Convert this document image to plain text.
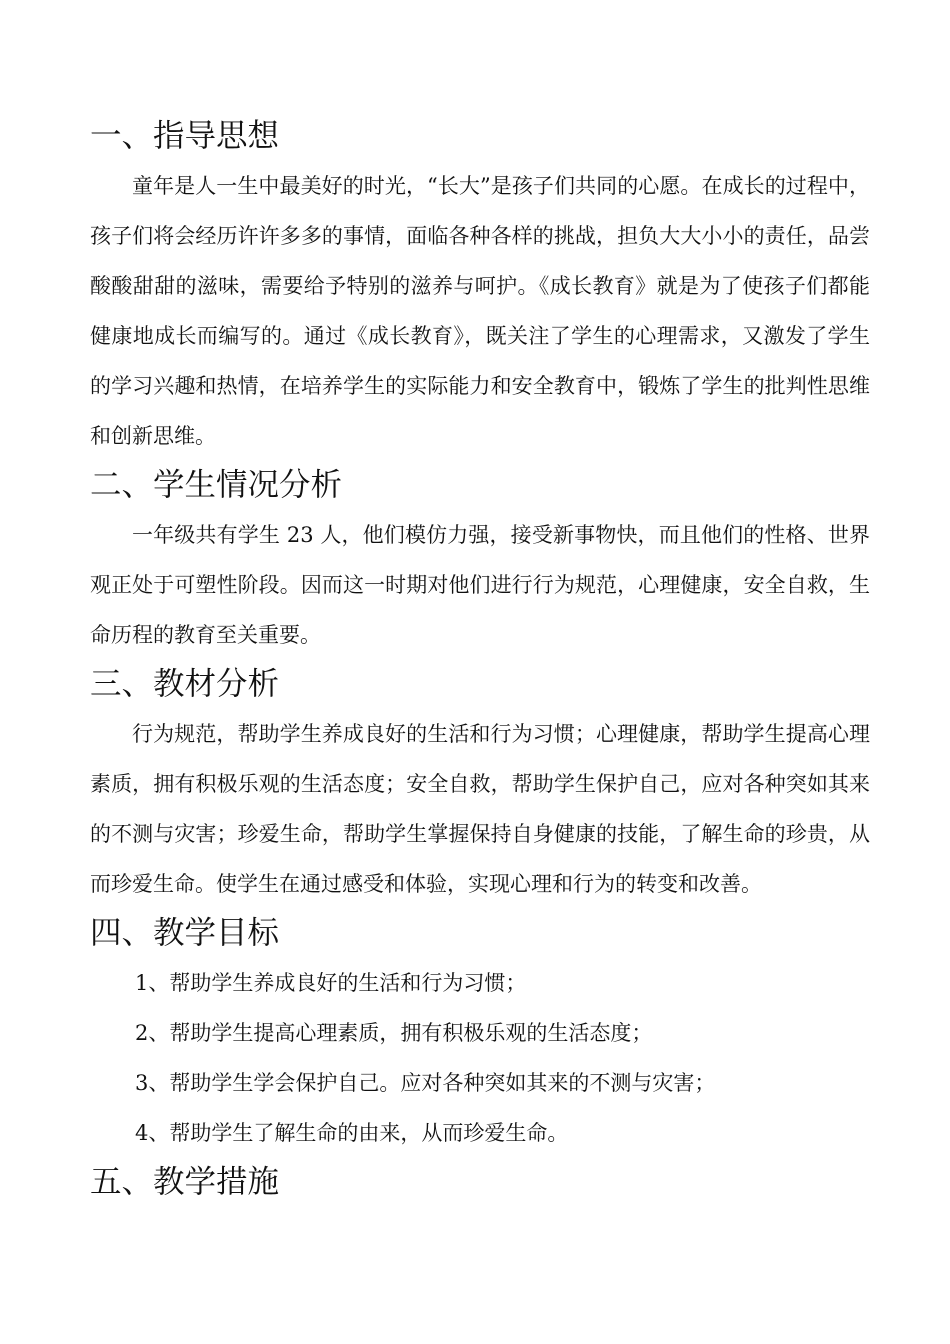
一、指导思想

童年是人一生中最美好的时光，“长大”是孩子们共同的心愿。在成长的过程中，孩子们将会经历许许多多的事情，面临各种各样的挑战，担负大大小小的责任，品尝酸酸甜甜的滋味，需要给予特别的滋养与呵护。《成长教育》就是为了使孩子们都能健康地成长而编写的。通过《成长教育》，既关注了学生的心理需求，又激发了学生的学习兴趣和热情，在培养学生的实际能力和安全教育中，锻炼了学生的批判性思维和创新思维。

二、学生情况分析

一年级共有学生 23 人，他们模仿力强，接受新事物快，而且他们的性格、世界观正处于可塑性阶段。因而这一时期对他们进行行为规范，心理健康，安全自救，生命历程的教育至关重要。

三、教材分析

行为规范，帮助学生养成良好的生活和行为习惯；心理健康，帮助学生提高心理素质，拥有积极乐观的生活态度；安全自救，帮助学生保护自己，应对各种突如其来的不测与灾害；珍爱生命，帮助学生掌握保持自身健康的技能，了解生命的珍贵，从而珍爱生命。使学生在通过感受和体验，实现心理和行为的转变和改善。

四、教学目标

1、帮助学生养成良好的生活和行为习惯；

2、帮助学生提高心理素质，拥有积极乐观的生活态度；

3、帮助学生学会保护自己。应对各种突如其来的不测与灾害；

4、帮助学生了解生命的由来，从而珍爱生命。

五、教学措施
